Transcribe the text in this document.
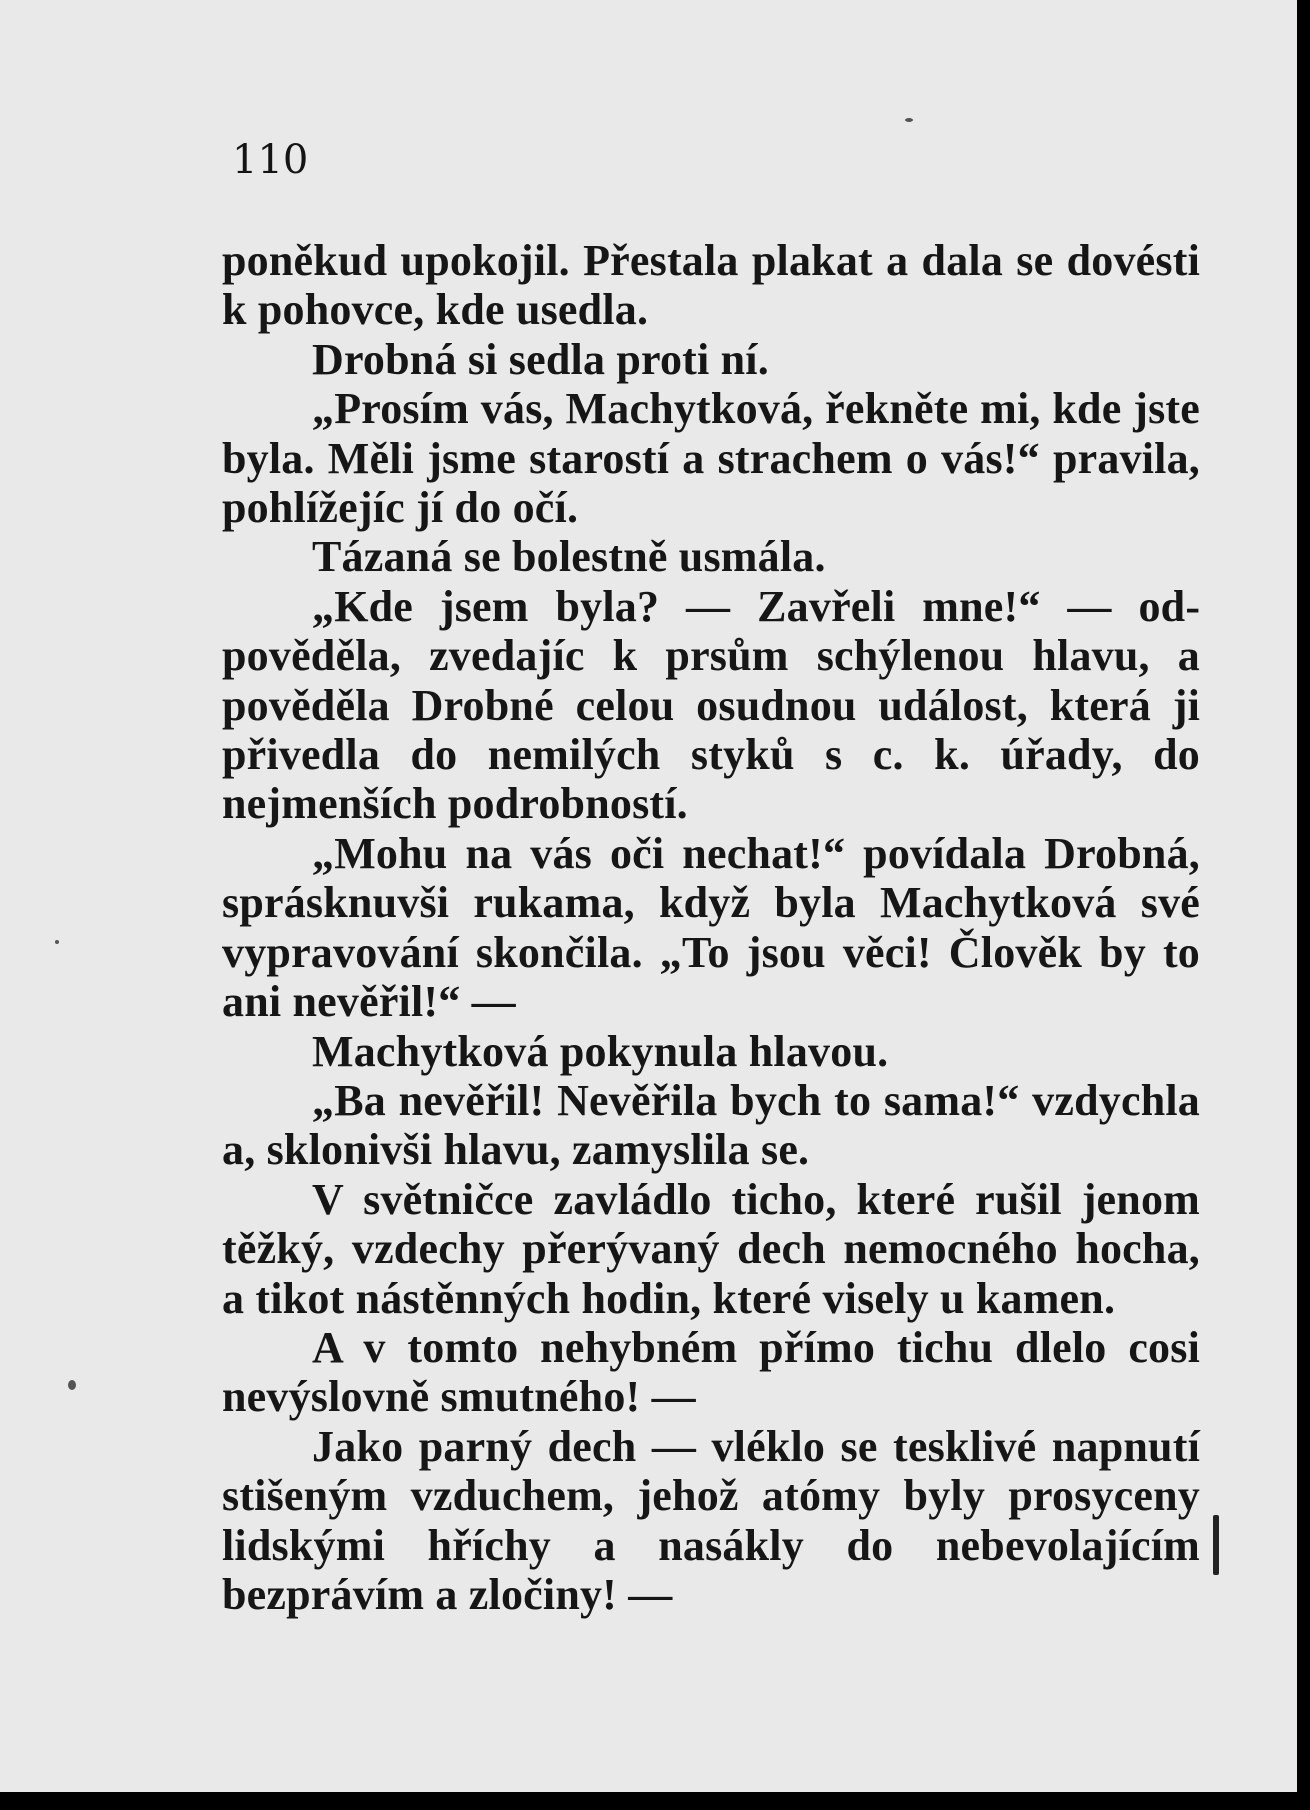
110

poněkud upokojil. Přestala plakat a dala se dovésti k pohovce, kde usedla.

Drobná si sedla proti ní.

„Prosím vás, Machytková, řekněte mi, kde jste byla. Měli jsme starostí a strachem o vás!“ pravila, pohlížejíc jí do očí.

Tázaná se bolestně usmála.

„Kde jsem byla? — Zavřeli mne!“ — odpověděla, zvedajíc k prsům schýlenou hlavu, a pověděla Drobné celou osudnou událost, která ji přivedla do nemilých styků s c. k. úřady, do nejmenších podrobností.

„Mohu na vás oči nechat!“ povídala Drobná, sprásknuvši rukama, když byla Machytková své vypravování skončila. „To jsou věci! Člověk by to ani nevěřil!“ —

Machytková pokynula hlavou.

„Ba nevěřil! Nevěřila bych to sama!“ vzdychla a, sklonivši hlavu, zamyslila se.

V světničce zavládlo ticho, které rušil jenom těžký, vzdechy přerývaný dech nemocného hocha, a tikot nástěnných hodin, které visely u kamen.

A v tomto nehybném přímo tichu dlelo cosi nevýslovně smutného! —

Jako parný dech — vléklo se tesklivé napnutí stišeným vzduchem, jehož atómy byly prosyceny lidskými hříchy a nasákly do nebevolajícím bezprávím a zločiny! —
